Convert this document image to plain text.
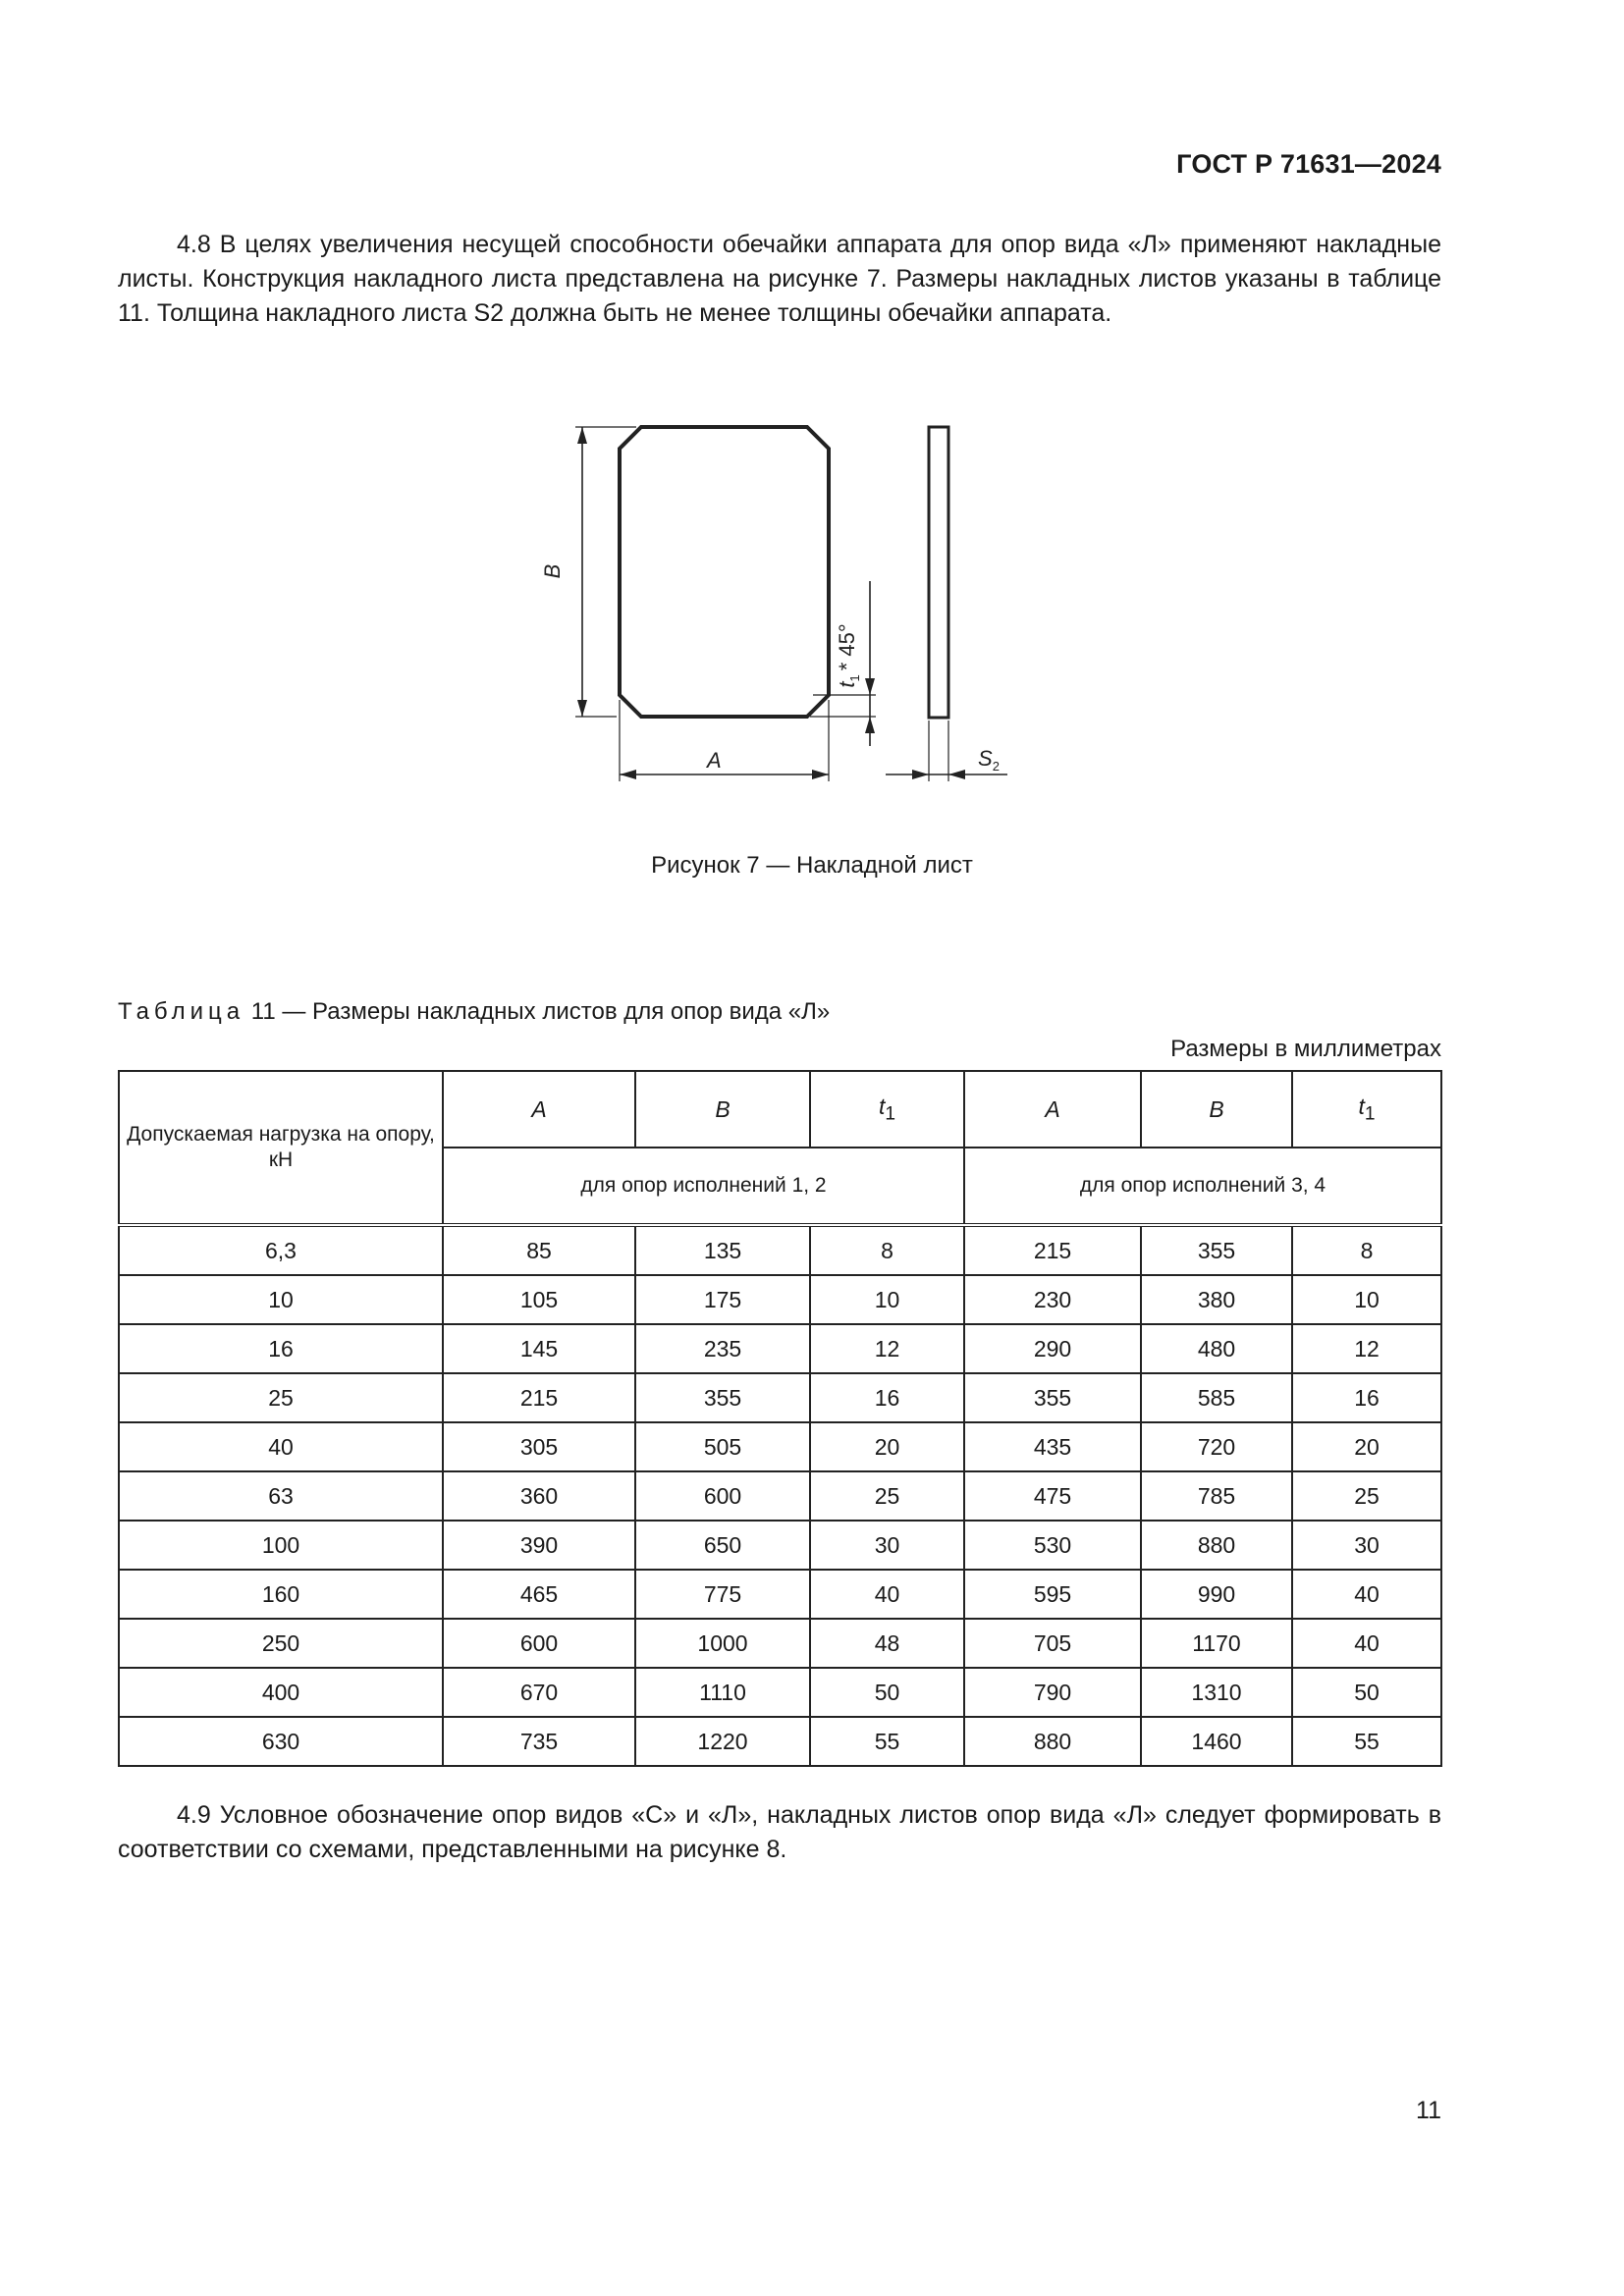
ГОСТ Р 71631—2024
4.8 В целях увеличения несущей способности обечайки аппарата для опор вида «Л» применяют накладные листы. Конструкция накладного листа представлена на рисунке 7. Размеры накладных листов указаны в таблице 11. Толщина накладного листа S2 должна быть не менее толщины обечайки аппарата.
B
A
$t_1*$ 45°
$S_2$
Рисунок 7 — Накладной лист
Таблица 11 — Размеры накладных листов для опор вида «Л»
Размеры в миллиметрах
Допускаемая нагрузка на опору, кН	A	B	$t_1$	A	B	$t_1$
	для опор исполнений 1, 2			для опор исполнений 3, 4		
6,3	85	135	8	215	355	8
10	105	175	10	230	380	10
16	145	235	12	290	480	12
25	215	355	16	355	585	16
40	305	505	20	435	720	20
63	360	600	25	475	785	25
100	390	650	30	530	880	30
160	465	775	40	595	990	40
250	600	1000	48	705	1170	40
400	670	1110	50	790	1310	50
630	735	1220	55	880	1460	55
4.9 Условное обозначение опор видов «С» и «Л», накладных листов опор вида «Л» следует формировать в соответствии со схемами, представленными на рисунке 8.
11
